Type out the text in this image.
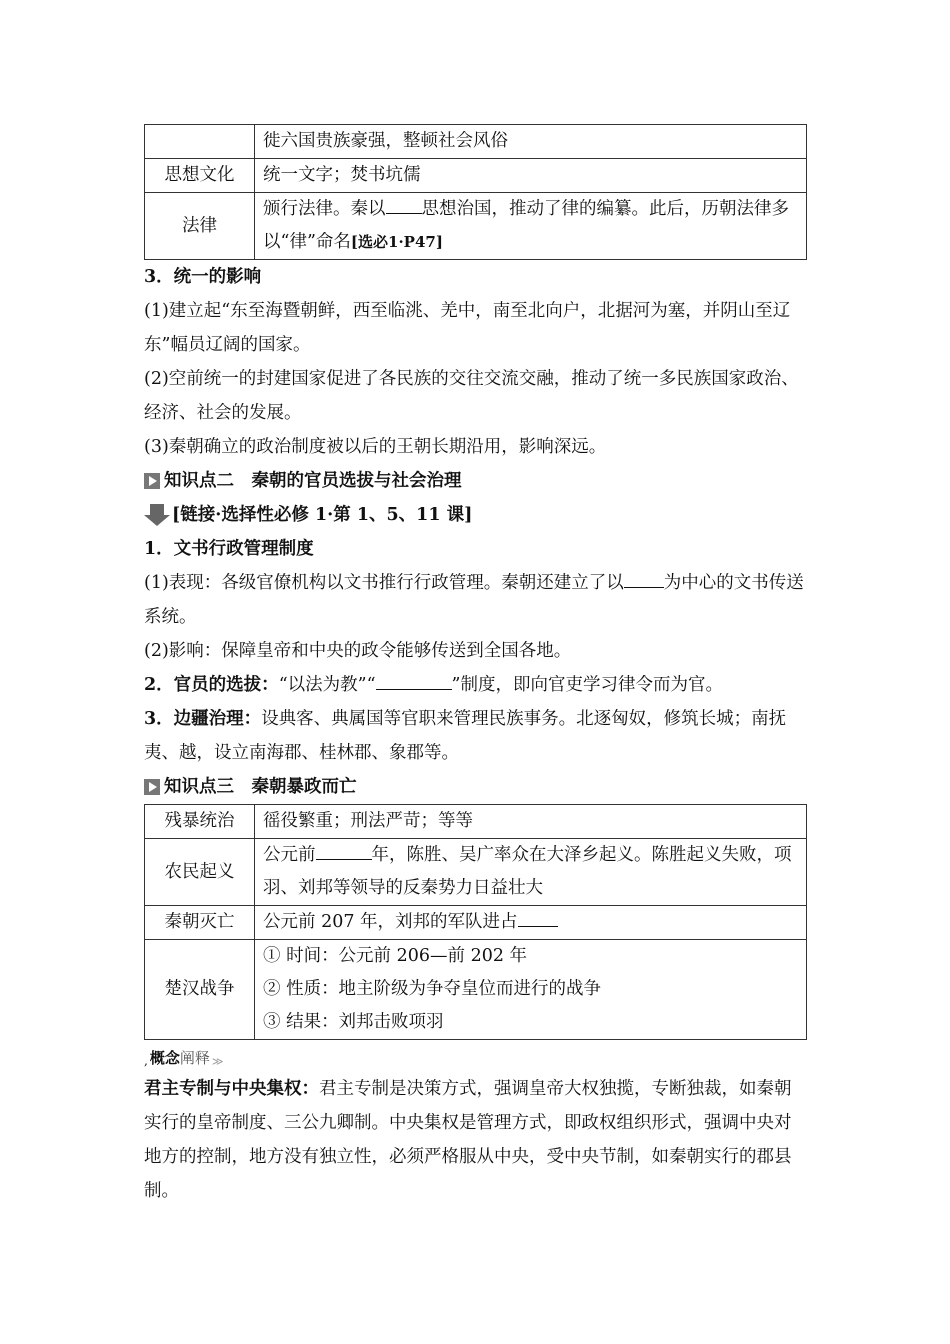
	徙六国贵族豪强，整顿社会风俗
思想文化	统一文字；焚书坑儒
法律	颁行法律。秦以 思想治国，推动了律的编纂。此后，历朝法律多以“律”命名[选必1·P47]

3．统一的影响

(1)建立起“东至海暨朝鲜，西至临洮、羌中，南至北向户，北据河为塞，并阴山至辽东”幅员辽阔的国家。

(2)空前统一的封建国家促进了各民族的交往交流交融，推动了统一多民族国家政治、经济、社会的发展。

(3)秦朝确立的政治制度被以后的王朝长期沿用，影响深远。

知识点二　秦朝的官员选拔与社会治理
[链接·选择性必修 1·第 1、5、11 课]

1．文书行政管理制度

(1)表现：各级官僚机构以文书推行行政管理。秦朝还建立了以 为中心的文书传送系统。

(2)影响：保障皇帝和中央的政令能够传送到全国各地。

2．官员的选拔：“以法为教”“	”制度，即向官吏学习律令而为官。

3．边疆治理：设典客、典属国等官职来管理民族事务。北逐匈奴，修筑长城；南抚夷、越，设立南海郡、桂林郡、象郡等。

知识点三　秦朝暴政而亡
残暴统治	徭役繁重；刑法严苛；等等
农民起义	公元前 年，陈胜、吴广率众在大泽乡起义。陈胜起义失败，项羽、刘邦等领导的反秦势力日益壮大
秦朝灭亡	公元前 207 年，刘邦的军队进占
楚汉战争	① 时间：公元前 206—前 202 年
② 性质：地主阶级为争夺皇位而进行的战争
③ 结果：刘邦击败项羽
, 概念 阐释 ≫

君主专制与中央集权：君主专制是决策方式，强调皇帝大权独揽，专断独裁，如秦朝实行的皇帝制度、三公九卿制。中央集权是管理方式，即政权组织形式，强调中央对地方的控制，地方没有独立性，必须严格服从中央，受中央节制，如秦朝实行的郡县制。
